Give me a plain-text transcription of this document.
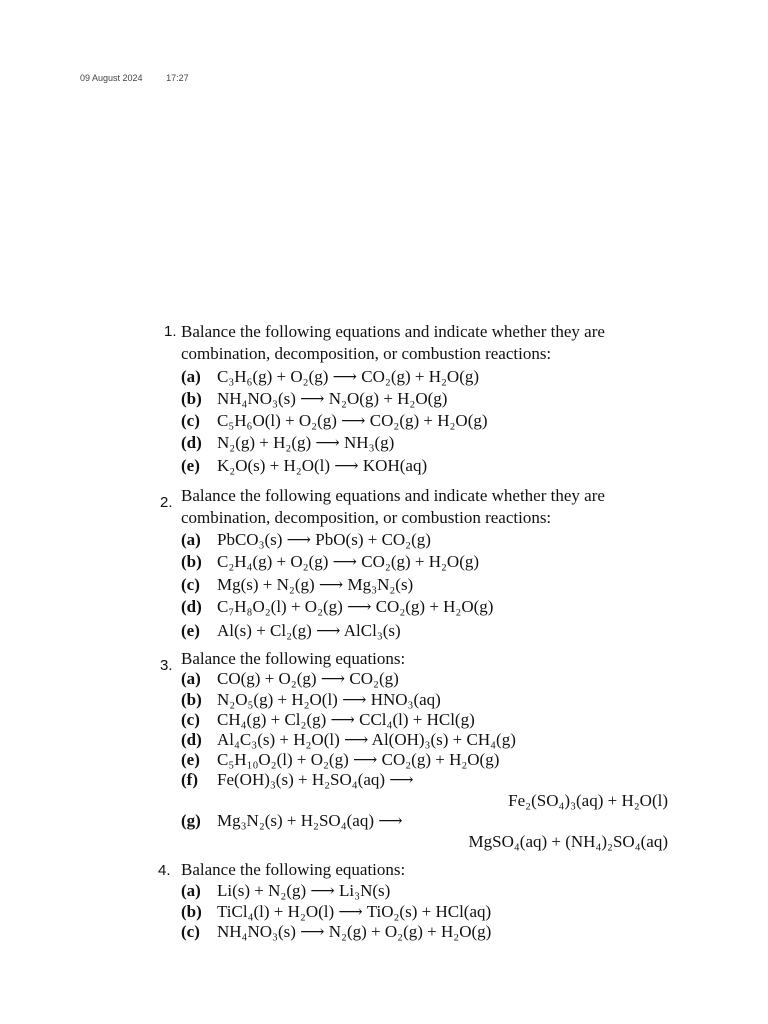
09 August 2024	17:27
1. Balance the following equations and indicate whether they are combination, decomposition, or combustion reactions:
(a) C₃H₆(g) + O₂(g) ⟶ CO₂(g) + H₂O(g)
(b) NH₄NO₃(s) ⟶ N₂O(g) + H₂O(g)
(c) C₅H₆O(l) + O₂(g) ⟶ CO₂(g) + H₂O(g)
(d) N₂(g) + H₂(g) ⟶ NH₃(g)
(e) K₂O(s) + H₂O(l) ⟶ KOH(aq)
2. Balance the following equations and indicate whether they are combination, decomposition, or combustion reactions:
(a) PbCO₃(s) ⟶ PbO(s) + CO₂(g)
(b) C₂H₄(g) + O₂(g) ⟶ CO₂(g) + H₂O(g)
(c) Mg(s) + N₂(g) ⟶ Mg₃N₂(s)
(d) C₇H₈O₂(l) + O₂(g) ⟶ CO₂(g) + H₂O(g)
(e) Al(s) + Cl₂(g) ⟶ AlCl₃(s)
3. Balance the following equations:
(a) CO(g) + O₂(g) ⟶ CO₂(g)
(b) N₂O₅(g) + H₂O(l) ⟶ HNO₃(aq)
(c) CH₄(g) + Cl₂(g) ⟶ CCl₄(l) + HCl(g)
(d) Al₄C₃(s) + H₂O(l) ⟶ Al(OH)₃(s) + CH₄(g)
(e) C₅H₁₀O₂(l) + O₂(g) ⟶ CO₂(g) + H₂O(g)
(f) Fe(OH)₃(s) + H₂SO₄(aq) ⟶
Fe₂(SO₄)₃(aq) + H₂O(l)
(g) Mg₃N₂(s) + H₂SO₄(aq) ⟶
MgSO₄(aq) + (NH₄)₂SO₄(aq)
4. Balance the following equations:
(a) Li(s) + N₂(g) ⟶ Li₃N(s)
(b) TiCl₄(l) + H₂O(l) ⟶ TiO₂(s) + HCl(aq)
(c) NH₄NO₃(s) ⟶ N₂(g) + O₂(g) + H₂O(g)
